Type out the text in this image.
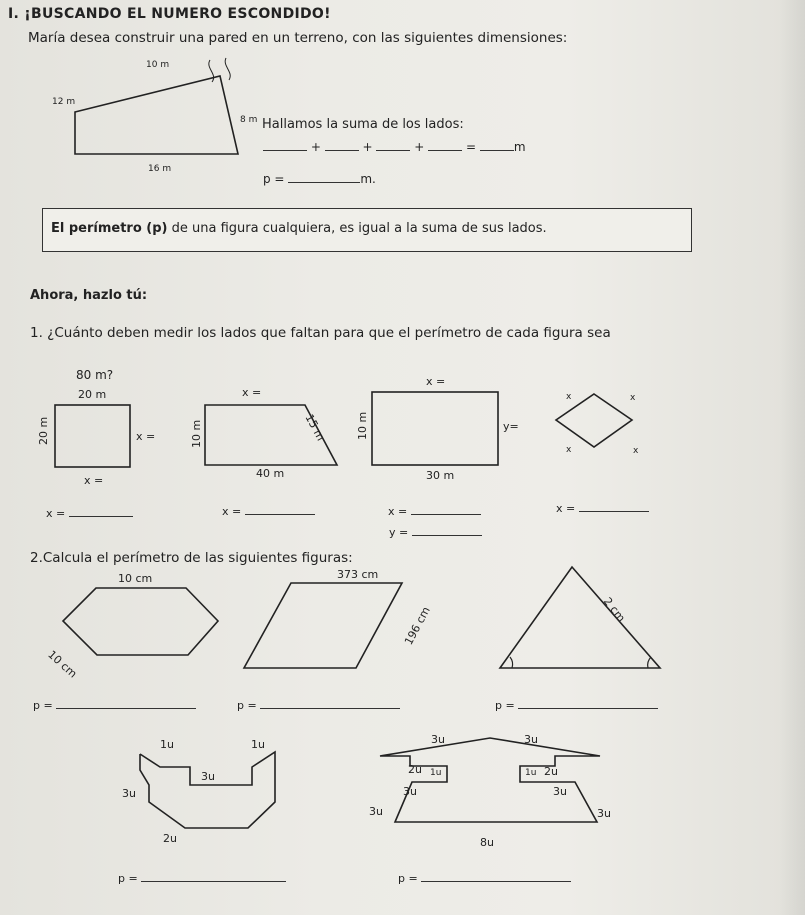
I. ¡BUSCANDO EL NUMERO ESCONDIDO!
María desea construir una pared en un terreno, con las siguientes dimensiones:
10 m
12 m
8 m
16 m
Hallamos la suma de los lados:
+	+	+	=	m
p =	m.
El perímetro (p) de una figura cualquiera, es igual a la suma de sus lados.
Ahora, hazlo tú:
1. ¿Cuánto deben medir los lados que faltan para que el perímetro de cada figura sea
80 m?
20 m
20 m	x =
x =
x =
10 m	15 m
40 m
x =
10 m	y=
30 m
x	x
x	x
x =	x =	x =
y =
x =
2.Calcula el perímetro de las siguientes figuras:
10 cm
10 cm
373 cm
196 cm	2 cm
p =	p =	p =
1u	1u
3u
3u
2u
3u	3u
2u 1u	1u 2u
3u	3u
3u	3u
8u
p =	p =
